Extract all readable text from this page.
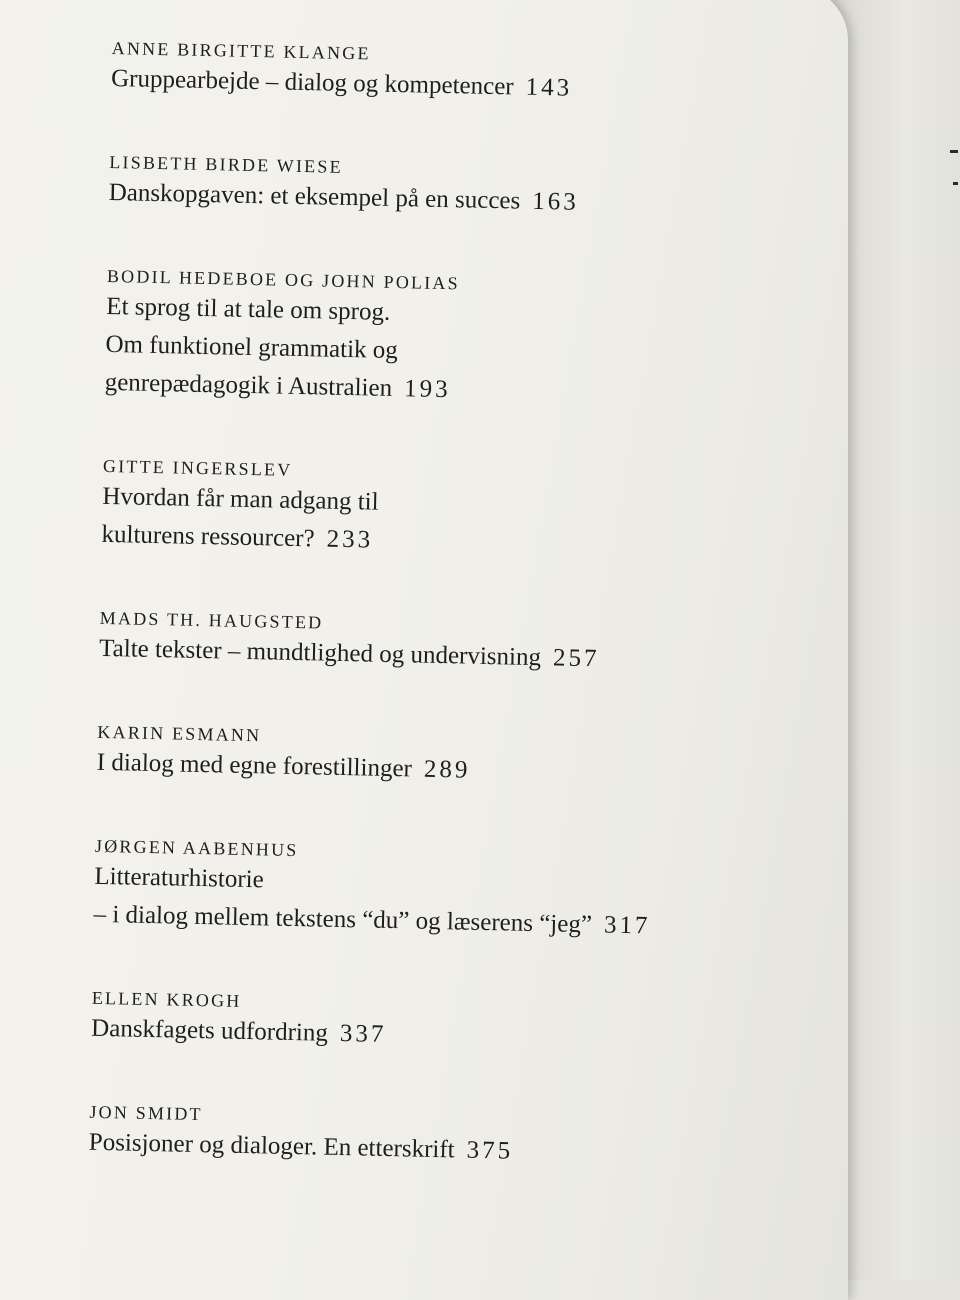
ANNE BIRGITTE KLANGE
Gruppearbejde – dialog og kompetencer 143
LISBETH BIRDE WIESE
Danskopgaven: et eksempel på en succes 163
BODIL HEDEBOE OG JOHN POLIAS
Et sprog til at tale om sprog.
Om funktionel grammatik og
genrepædagogik i Australien 193
GITTE INGERSLEV
Hvordan får man adgang til
kulturens ressourcer? 233
MADS TH. HAUGSTED
Talte tekster – mundtlighed og undervisning 257
KARIN ESMANN
I dialog med egne forestillinger 289
JØRGEN AABENHUS
Litteraturhistorie
– i dialog mellem tekstens “du” og læserens “jeg” 317
ELLEN KROGH
Danskfagets udfordring 337
JON SMIDT
Posisjoner og dialoger. En etterskrift 375
